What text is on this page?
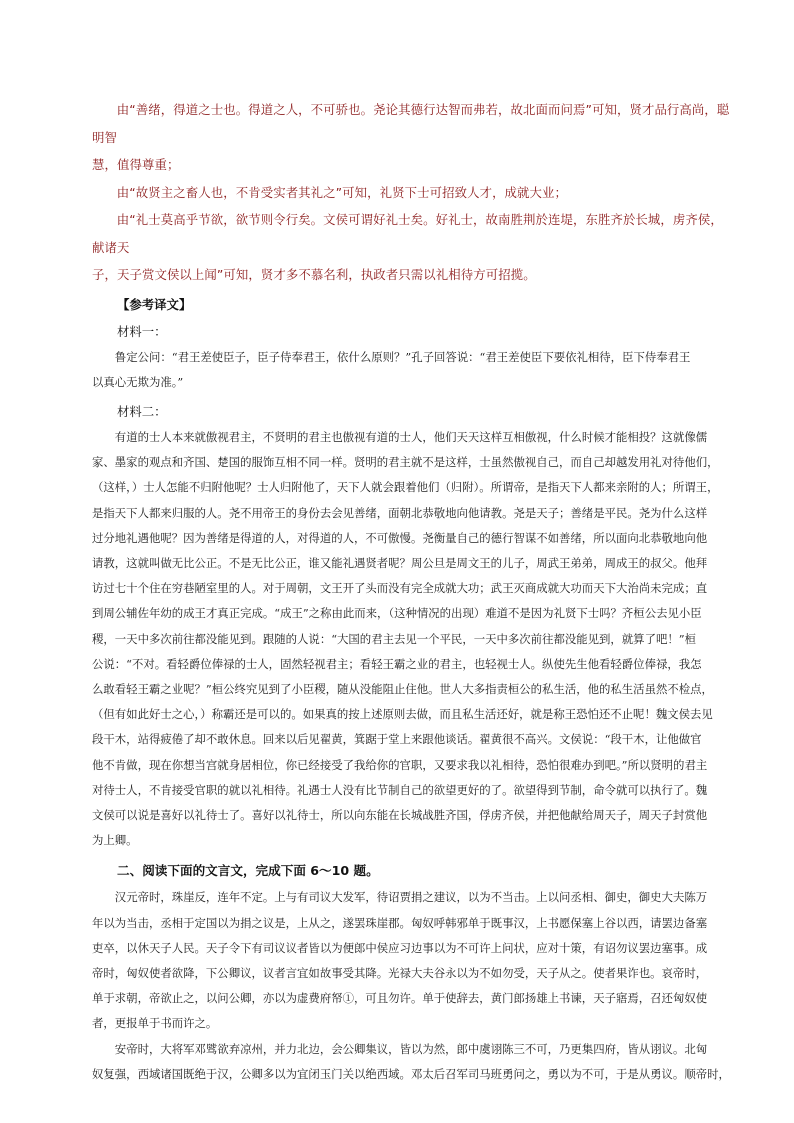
由“善绪，得道之士也。得道之人，不可骄也。尧论其德行达智而弗若，故北面而问焉”可知，贤才品行高尚，聪明智

慧，值得尊重；

由“故贤主之畜人也，不肯受实者其礼之”可知，礼贤下士可招致人才，成就大业；

由“礼士莫高乎节欲，欲节则令行矣。文侯可谓好礼士矣。好礼士，故南胜荆於连堤，东胜齐於长城，虏齐侯，献诸天

子，天子赏文侯以上闻”可知，贤才多不慕名利，执政者只需以礼相待方可招揽。

【参考译文】

材料一：

鲁定公问：“君王差使臣子，臣子侍奉君王，依什么原则？”孔子回答说：“君王差使臣下要依礼相待，臣下侍奉君王

以真心无欺为准。”

材料二：

有道的士人本来就傲视君主，不贤明的君主也傲视有道的士人，他们天天这样互相傲视，什么时候才能相投？这就像儒

家、墨家的观点和齐国、楚国的服饰互相不同一样。贤明的君主就不是这样，士虽然傲视自己，而自己却越发用礼对待他们，

（这样，）士人怎能不归附他呢？士人归附他了，天下人就会跟着他们（归附）。所谓帝，是指天下人都来亲附的人；所谓王，

是指天下人都来归服的人。尧不用帝王的身份去会见善绪，面朝北恭敬地向他请教。尧是天子；善绪是平民。尧为什么这样

过分地礼遇他呢？因为善绪是得道的人，对得道的人，不可傲慢。尧衡量自己的德行智谋不如善绪，所以面向北恭敬地向他

请教，这就叫做无比公正。不是无比公正，谁又能礼遇贤者呢？周公旦是周文王的儿子，周武王弟弟，周成王的叔父。他拜

访过七十个住在穷巷陋室里的人。对于周朝，文王开了头而没有完全成就大功；武王灭商成就大功而天下大治尚未完成；直

到周公辅佐年幼的成王才真正完成。“成王”之称由此而来，（这种情况的出现）难道不是因为礼贤下士吗？齐桓公去见小臣

稷，一天中多次前往都没能见到。跟随的人说：“大国的君主去见一个平民，一天中多次前往都没能见到，就算了吧！”桓

公说：“不对。看轻爵位俸禄的士人，固然轻视君主；看轻王霸之业的君主，也轻视士人。纵使先生他看轻爵位俸禄，我怎

么敢看轻王霸之业呢？”桓公终究见到了小臣稷，随从没能阻止住他。世人大多指责桓公的私生活，他的私生活虽然不检点，

（但有如此好士之心，）称霸还是可以的。如果真的按上述原则去做，而且私生活还好，就是称王恐怕还不止呢！魏文侯去见

段干木，站得疲倦了却不敢休息。回来以后见翟黄，箕踞于堂上来跟他谈话。翟黄很不高兴。文侯说：“段干木，让他做官

他不肯做，现在你想当宫就身居相位，你已经接受了我给你的官职，又要求我以礼相待，恐怕很难办到吧。”所以贤明的君主

对待士人，不肯接受官职的就以礼相待。礼遇士人没有比节制自己的欲望更好的了。欲望得到节制，命令就可以执行了。魏

文侯可以说是喜好以礼待士了。喜好以礼待士，所以向东能在长城战胜齐国，俘虏齐侯，并把他献给周天子，周天子封赏他

为上卿。

二、阅读下面的文言文，完成下面 6～10 题。

汉元帝时，珠崖反，连年不定。上与有司议大发军，待诏贾捐之建议，以为不当击。上以问丞相、御史，御史大夫陈万

年以为当击，丞相于定国以为捐之议是，上从之，遂罢珠崖郡。匈奴呼韩邪单于既事汉，上书愿保塞上谷以西，请罢边备塞

吏卒，以休天子人民。天子令下有司议议者皆以为便郎中侯应习边事以为不可许上问状，应对十策，有诏勿议罢边塞事。成

帝时，匈奴使者欲降，下公卿议，议者言宜如故事受其降。光禄大夫谷永以为不如勿受，天子从之。使者果诈也。哀帝时，

单于求朝，帝欲止之，以问公卿，亦以为虚费府帑①，可且勿许。单于使辞去，黄门郎扬雄上书谏，天子寤焉，召还匈奴使

者，更报单于书而许之。

安帝时，大将军邓骘欲弃凉州，并力北边，会公卿集议，皆以为然，郎中虞诩陈三不可，乃更集四府，皆从诩议。北匈

奴复强，西域诸国既绝于汉，公卿多以为宜闭玉门关以绝西域。邓太后召军司马班勇问之，勇以为不可，于是从勇议。顺帝时，
